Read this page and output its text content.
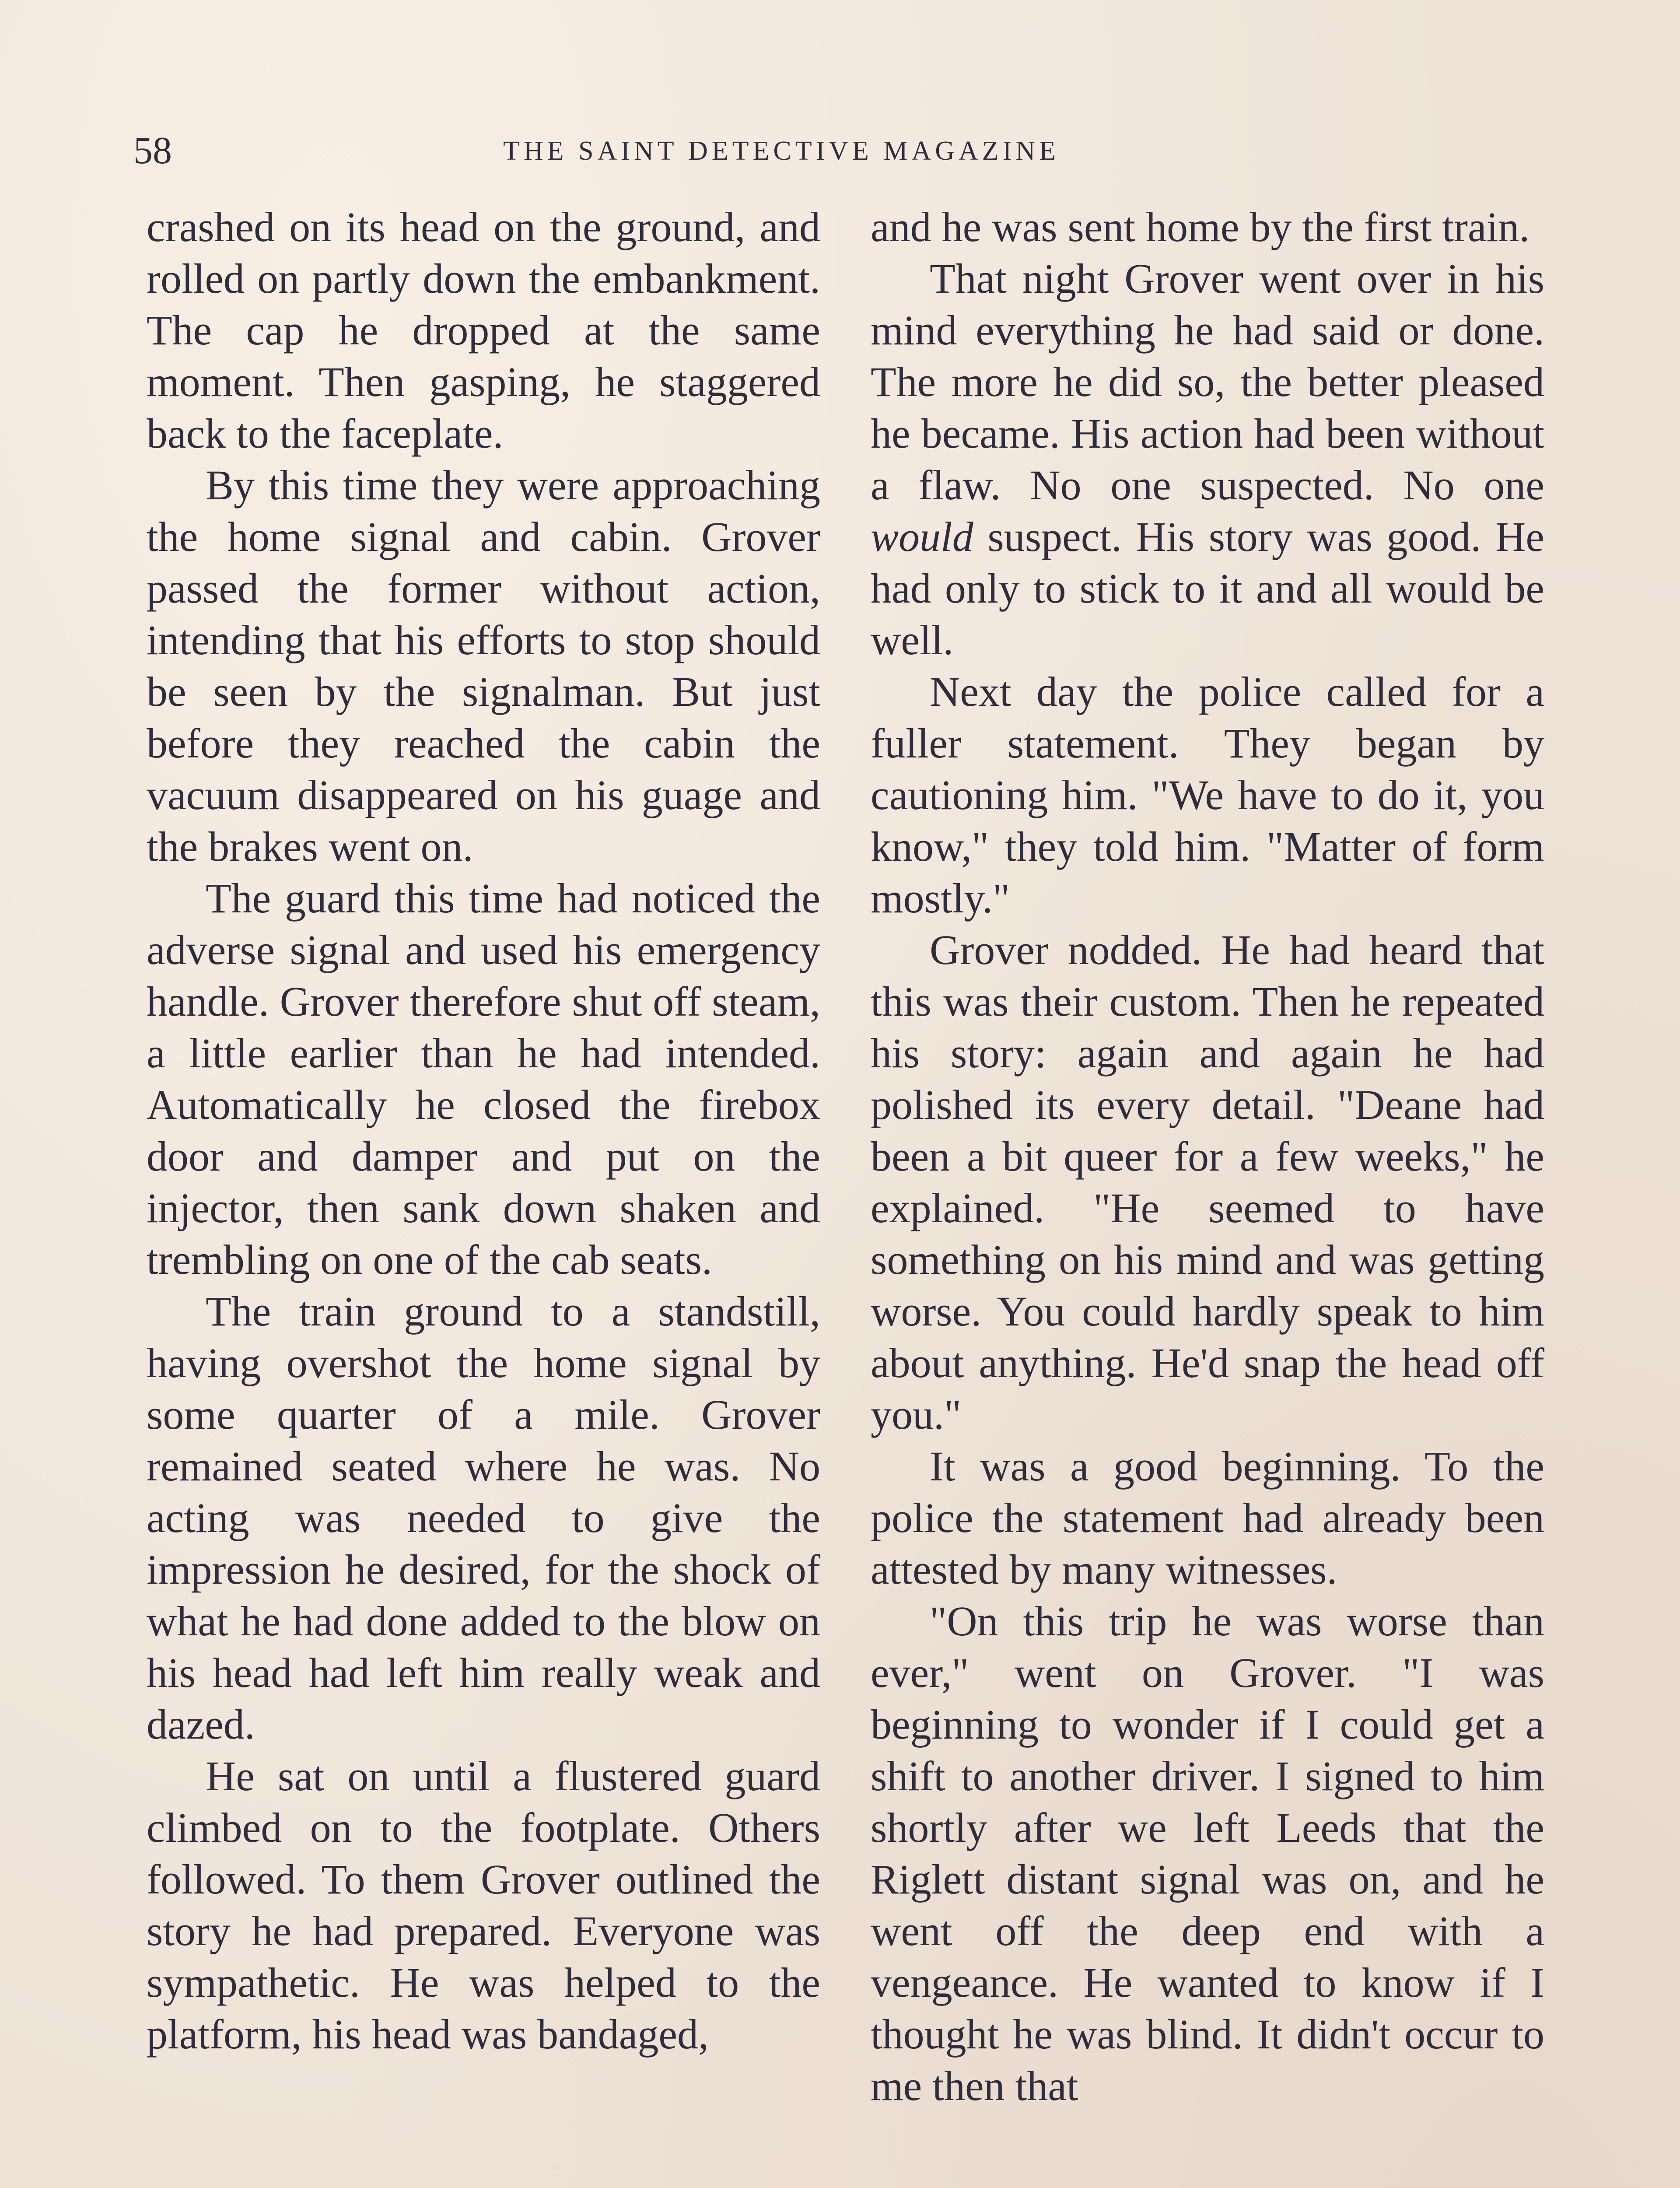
58	THE SAINT DETECTIVE MAGAZINE

crashed on its head on the ground, and rolled on partly down the embankment. The cap he dropped at the same moment. Then gasping, he staggered back to the faceplate.

By this time they were approaching the home signal and cabin. Grover passed the former without action, intending that his efforts to stop should be seen by the signalman. But just before they reached the cabin the vacuum disappeared on his guage and the brakes went on.

The guard this time had noticed the adverse signal and used his emergency handle. Grover therefore shut off steam, a little earlier than he had intended. Automatically he closed the firebox door and damper and put on the injector, then sank down shaken and trembling on one of the cab seats.

The train ground to a standstill, having overshot the home signal by some quarter of a mile. Grover remained seated where he was. No acting was needed to give the impression he desired, for the shock of what he had done added to the blow on his head had left him really weak and dazed.

He sat on until a flustered guard climbed on to the footplate. Others followed. To them Grover outlined the story he had prepared. Everyone was sympathetic. He was helped to the platform, his head was bandaged,

and he was sent home by the first train.

That night Grover went over in his mind everything he had said or done. The more he did so, the better pleased he became. His action had been without a flaw. No one suspected. No one would suspect. His story was good. He had only to stick to it and all would be well.

Next day the police called for a fuller statement. They began by cautioning him. "We have to do it, you know," they told him. "Matter of form mostly."

Grover nodded. He had heard that this was their custom. Then he repeated his story: again and again he had polished its every detail. "Deane had been a bit queer for a few weeks," he explained. "He seemed to have something on his mind and was getting worse. You could hardly speak to him about anything. He'd snap the head off you."

It was a good beginning. To the police the statement had already been attested by many witnesses.

"On this trip he was worse than ever," went on Grover. "I was beginning to wonder if I could get a shift to another driver. I signed to him shortly after we left Leeds that the Riglett distant signal was on, and he went off the deep end with a vengeance. He wanted to know if I thought he was blind. It didn't occur to me then that
